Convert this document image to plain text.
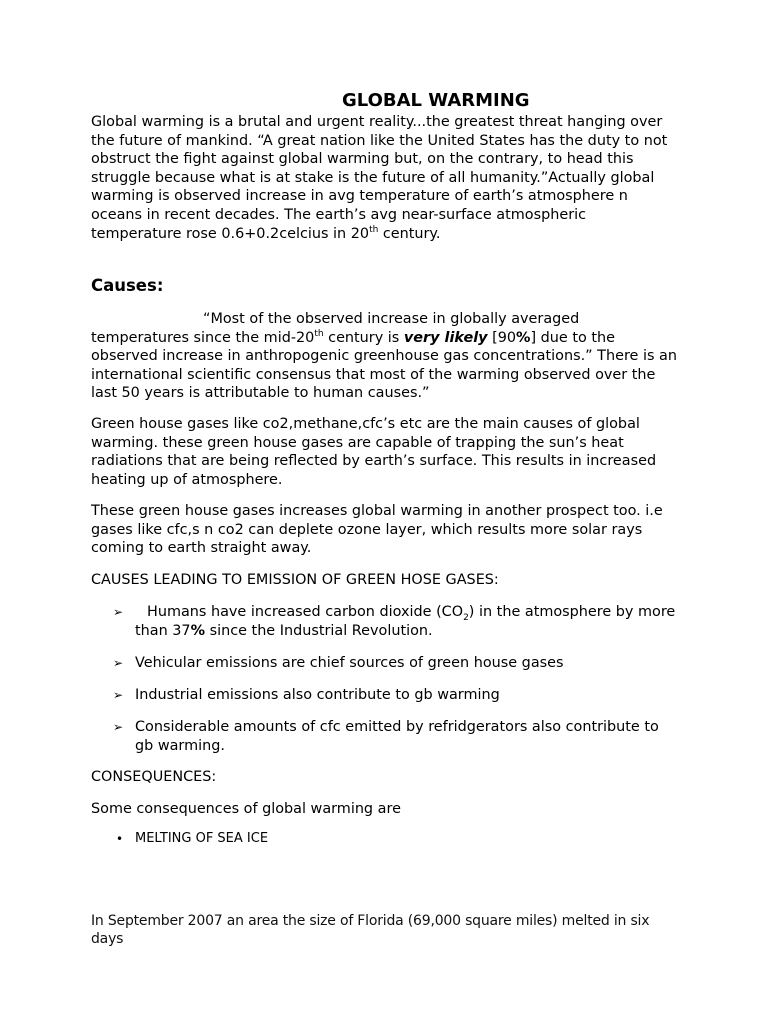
GLOBAL WARMING

Global warming is a brutal and urgent reality...the greatest threat hanging over the future of mankind. “A great nation like the United States has the duty to not obstruct the fight against global warming but, on the contrary, to head this struggle because what is at stake is the future of all humanity.”Actually global warming is observed increase in avg temperature of earth’s atmosphere n oceans in recent decades. The earth’s avg near-surface atmospheric temperature rose 0.6+0.2celcius in 20th century.

Causes:

“Most of the observed increase in globally averaged temperatures since the mid-20th century is very likely [90%] due to the observed increase in anthropogenic greenhouse gas concentrations.” There is an international scientific consensus that most of the warming observed over the last 50 years is attributable to human causes.”

Green house gases like co2,methane,cfc’s etc are the main causes of global warming. these green house gases are capable of trapping the sun’s heat radiations that are being reflected by earth’s surface. This results in increased heating up of atmosphere.

These green house gases increases global warming in another prospect too. i.e gases like cfc,s n co2 can deplete ozone layer, which results more solar rays coming to earth straight away.

CAUSES LEADING TO EMISSION OF GREEN HOSE GASES:

➢	Humans have increased carbon dioxide $(CO_2)$ in the atmosphere by more than 37% since the Industrial Revolution.
➢ Vehicular emissions are chief sources of green house gases
➢ Industrial emissions also contribute to gb warming
➢ Considerable amounts of cfc emitted by refridgerators also contribute to gb warming.

CONSEQUENCES:

Some consequences of global warming are

• MELTING OF SEA ICE

In September 2007 an area the size of Florida (69,000 square miles) melted in six days
